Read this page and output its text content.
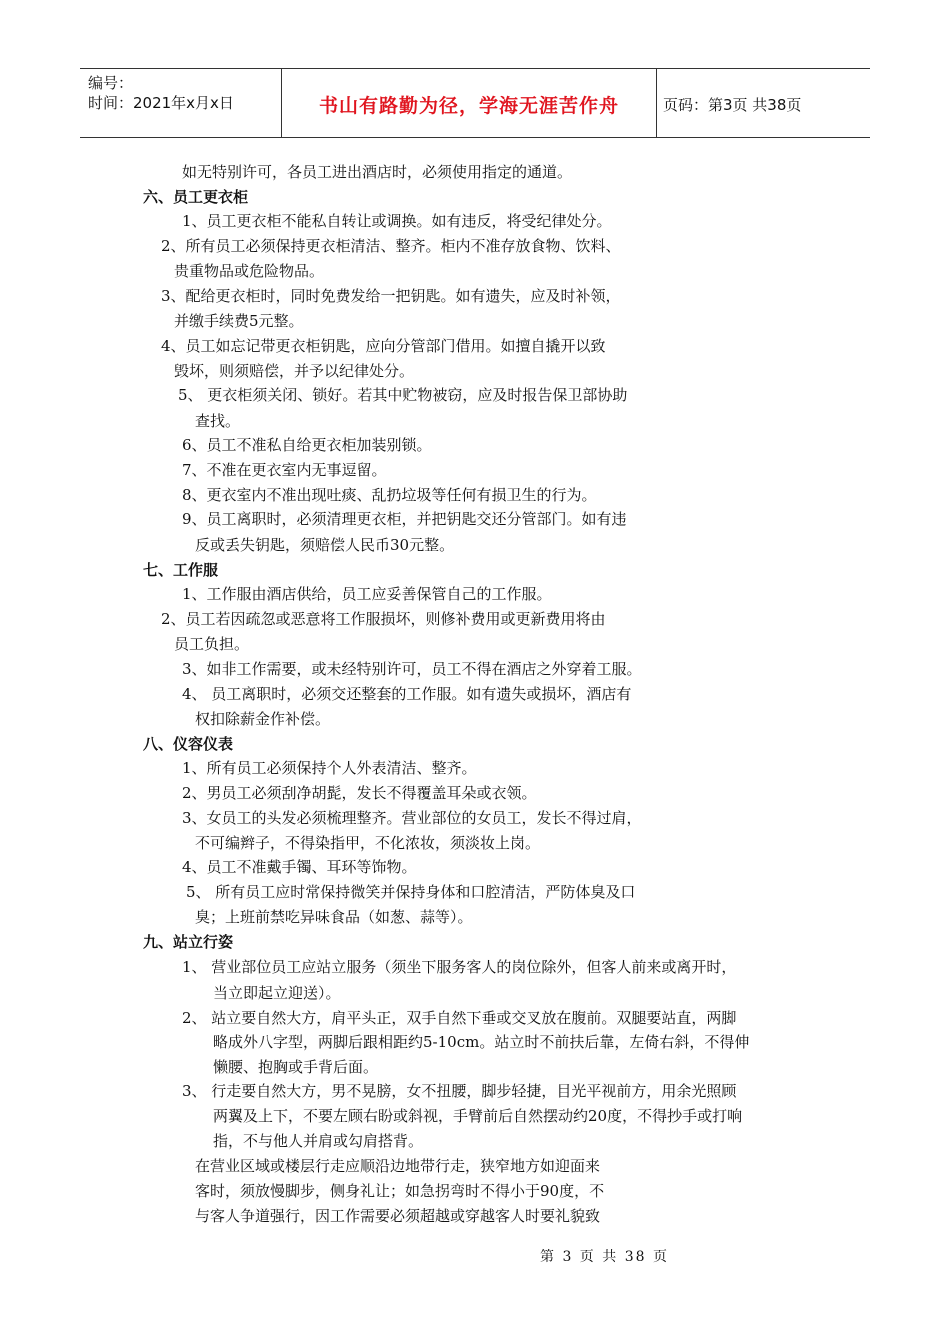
编号：
时间：2021年x月x日	书山有路勤为径，学海无涯苦作舟	页码：第3页 共38页
如无特别许可，各员工进出酒店时，必须使用指定的通道。
六、员工更衣柜
1、员工更衣柜不能私自转让或调换。如有违反，将受纪律处分。
2、所有员工必须保持更衣柜清洁、整齐。柜内不准存放食物、饮料、
贵重物品或危险物品。
3、配给更衣柜时，同时免费发给一把钥匙。如有遗失，应及时补领，
并缴手续费5元整。
4、员工如忘记带更衣柜钥匙，应向分管部门借用。如擅自撬开以致
毁坏，则须赔偿，并予以纪律处分。
5、 更衣柜须关闭、锁好。若其中贮物被窃，应及时报告保卫部协助
查找。
6、员工不准私自给更衣柜加装别锁。
7、不准在更衣室内无事逗留。
8、更衣室内不准出现吐痰、乱扔垃圾等任何有损卫生的行为。
9、员工离职时，必须清理更衣柜，并把钥匙交还分管部门。如有违
反或丢失钥匙，须赔偿人民币30元整。
七、工作服
1、工作服由酒店供给，员工应妥善保管自己的工作服。
2、员工若因疏忽或恶意将工作服损坏，则修补费用或更新费用将由
员工负担。
3、如非工作需要，或未经特别许可，员工不得在酒店之外穿着工服。
4、 员工离职时，必须交还整套的工作服。如有遗失或损坏，酒店有
权扣除薪金作补偿。
八、仪容仪表
1、所有员工必须保持个人外表清洁、整齐。
2、男员工必须刮净胡髭，发长不得覆盖耳朵或衣领。
3、女员工的头发必须梳理整齐。营业部位的女员工，发长不得过肩，
不可编辫子，不得染指甲，不化浓妆，须淡妆上岗。
4、员工不准戴手镯、耳环等饰物。
5、 所有员工应时常保持微笑并保持身体和口腔清洁，严防体臭及口
臭；上班前禁吃异味食品（如葱、蒜等）。
九、站立行姿
1、 营业部位员工应站立服务（须坐下服务客人的岗位除外，但客人前来或离开时，
当立即起立迎送）。
2、 站立要自然大方，肩平头正，双手自然下垂或交叉放在腹前。双腿要站直，两脚
略成外八字型，两脚后跟相距约5-10cm。站立时不前扶后靠，左倚右斜，不得伸
懒腰、抱胸或手背后面。
3、 行走要自然大方，男不晃膀，女不扭腰，脚步轻捷，目光平视前方，用余光照顾
两翼及上下，不要左顾右盼或斜视，手臂前后自然摆动约20度，不得抄手或打响
指，不与他人并肩或勾肩搭背。
在营业区域或楼层行走应顺沿边地带行走，狭窄地方如迎面来
客时，须放慢脚步，侧身礼让；如急拐弯时不得小于90度，不
与客人争道强行，因工作需要必须超越或穿越客人时要礼貌致
第 3 页 共 38 页
